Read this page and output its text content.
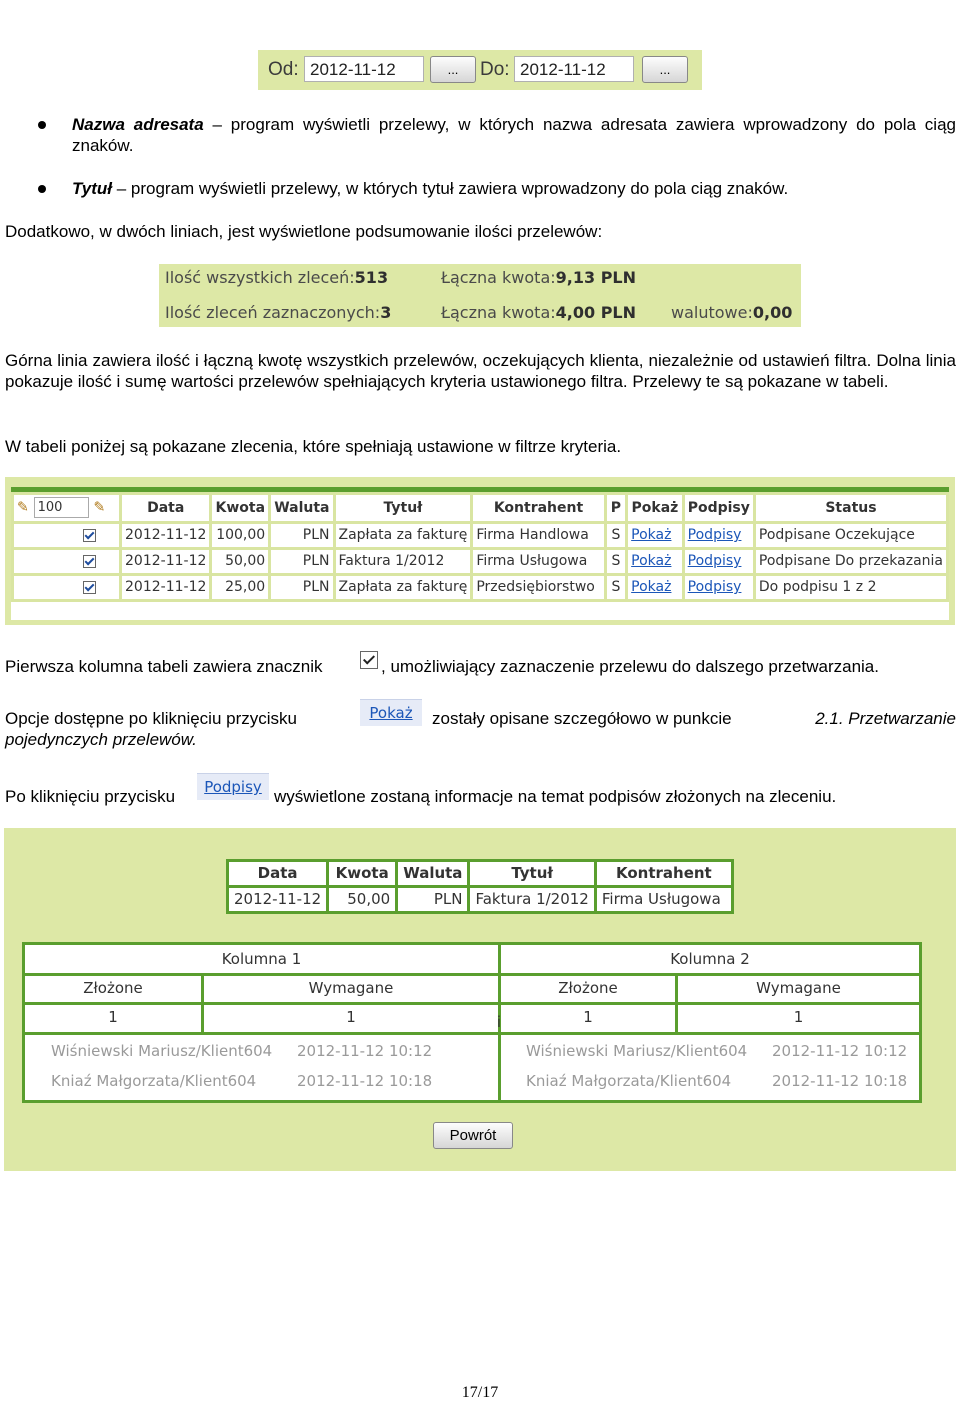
Od: 2012-11-12	...	Do: 2012-11-12	...
Nazwa adresata – program wyświetli przelewy, w których nazwa adresata zawiera wprowadzony do pola ciąg znaków.
Tytuł – program wyświetli przelewy, w których tytuł zawiera wprowadzony do pola ciąg znaków.
Dodatkowo, w dwóch liniach, jest wyświetlone podsumowanie ilości przelewów:
Ilość wszystkich zleceń:513	Łączna kwota:9,13 PLN
Ilość zleceń zaznaczonych:3	Łączna kwota:4,00 PLN walutowe:0,00
Górna linia zawiera ilość i łączną kwotę wszystkich przelewów, oczekujących klienta, niezależnie od ustawień filtra. Dolna linia pokazuje ilość i sumę wartości przelewów spełniających kryteria ustawionego filtra. Przelewy te są pokazane w tabeli.
W tabeli poniżej są pokazane zlecenia, które spełniają ustawione w filtrze kryteria.
✎ 100 ✎	Data	Kwota	Waluta	Tytuł	Kontrahent	P	Pokaż	Podpisy	Status
	2012-11-12	100,00	PLN	Zapłata za fakturę	Firma Handlowa	S	Pokaż	Podpisy	Podpisane Oczekujące
	2012-11-12	50,00	PLN	Faktura 1/2012	Firma Usługowa	S	Pokaż	Podpisy	Podpisane Do przekazania
	2012-11-12	25,00	PLN	Zapłata za fakturę	Przedsiębiorstwo	S	Pokaż	Podpisy	Do podpisu 1 z 2
Pierwsza kolumna tabeli zawiera znacznik	, umożliwiający zaznaczenie przelewu do dalszego przetwarzania.
Opcje dostępne po kliknięciu przycisku	Pokaż	zostały opisane szczegółowo w punkcie	2.1. Przetwarzanie
pojedynczych przelewów.
Po kliknięciu przycisku	Podpisy wyświetlone zostaną informacje na temat podpisów złożonych na zleceniu.
Data	Kwota	Waluta	Tytuł	Kontrahent
2012-11-12	50,00	PLN	Faktura 1/2012	Firma Usługowa
Kolumna 1
Złożone	Wymagane
1	1
Wiśniewski Mariusz/Klient604 2012-11-12 10:12
Kniaź Małgorzata/Klient604	2012-11-12 10:18
i
Kolumna 2
Złożone	Wymagane
1	1
Wiśniewski Mariusz/Klient604 2012-11-12 10:12
Kniaź Małgorzata/Klient604	2012-11-12 10:18
Powrót
17/17
